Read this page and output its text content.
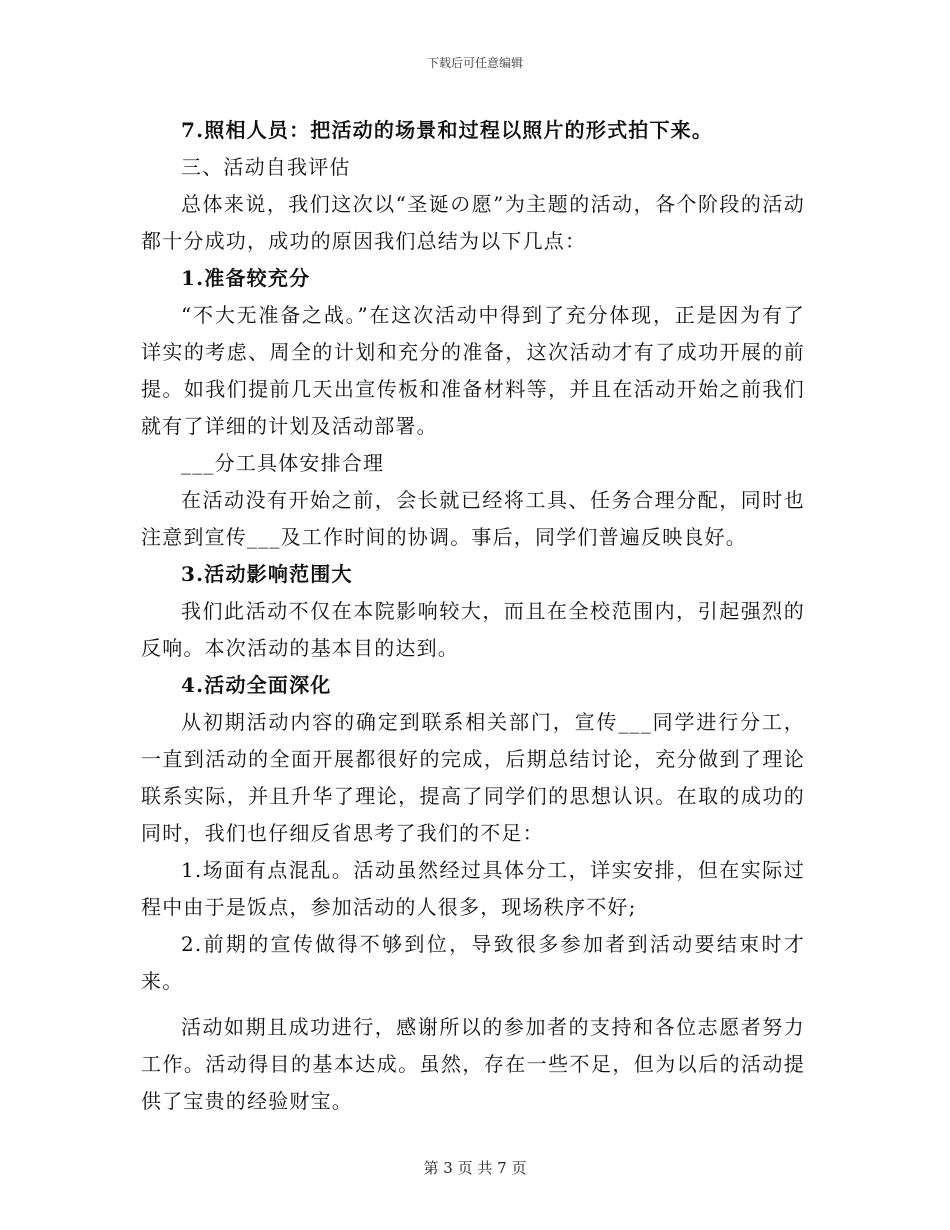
下载后可任意编辑

7.照相人员：把活动的场景和过程以照片的形式拍下来。

三、活动自我评估

总体来说，我们这次以“圣诞の愿”为主题的活动，各个阶段的活动都十分成功，成功的原因我们总结为以下几点：

1.准备较充分

“不大无准备之战。”在这次活动中得到了充分体现，正是因为有了详实的考虑、周全的计划和充分的准备，这次活动才有了成功开展的前提。如我们提前几天出宣传板和准备材料等，并且在活动开始之前我们就有了详细的计划及活动部署。

___分工具体安排合理

在活动没有开始之前，会长就已经将工具、任务合理分配，同时也注意到宣传___及工作时间的协调。事后，同学们普遍反映良好。

3.活动影响范围大

我们此活动不仅在本院影响较大，而且在全校范围内，引起强烈的反响。本次活动的基本目的达到。

4.活动全面深化

从初期活动内容的确定到联系相关部门，宣传___同学进行分工，一直到活动的全面开展都很好的完成，后期总结讨论，充分做到了理论联系实际，并且升华了理论，提高了同学们的思想认识。在取的成功的同时，我们也仔细反省思考了我们的不足：

1.场面有点混乱。活动虽然经过具体分工，详实安排，但在实际过程中由于是饭点，参加活动的人很多，现场秩序不好;

2.前期的宣传做得不够到位，导致很多参加者到活动要结束时才来。

活动如期且成功进行，感谢所以的参加者的支持和各位志愿者努力工作。活动得目的基本达成。虽然，存在一些不足，但为以后的活动提供了宝贵的经验财宝。

第 3 页 共 7 页
